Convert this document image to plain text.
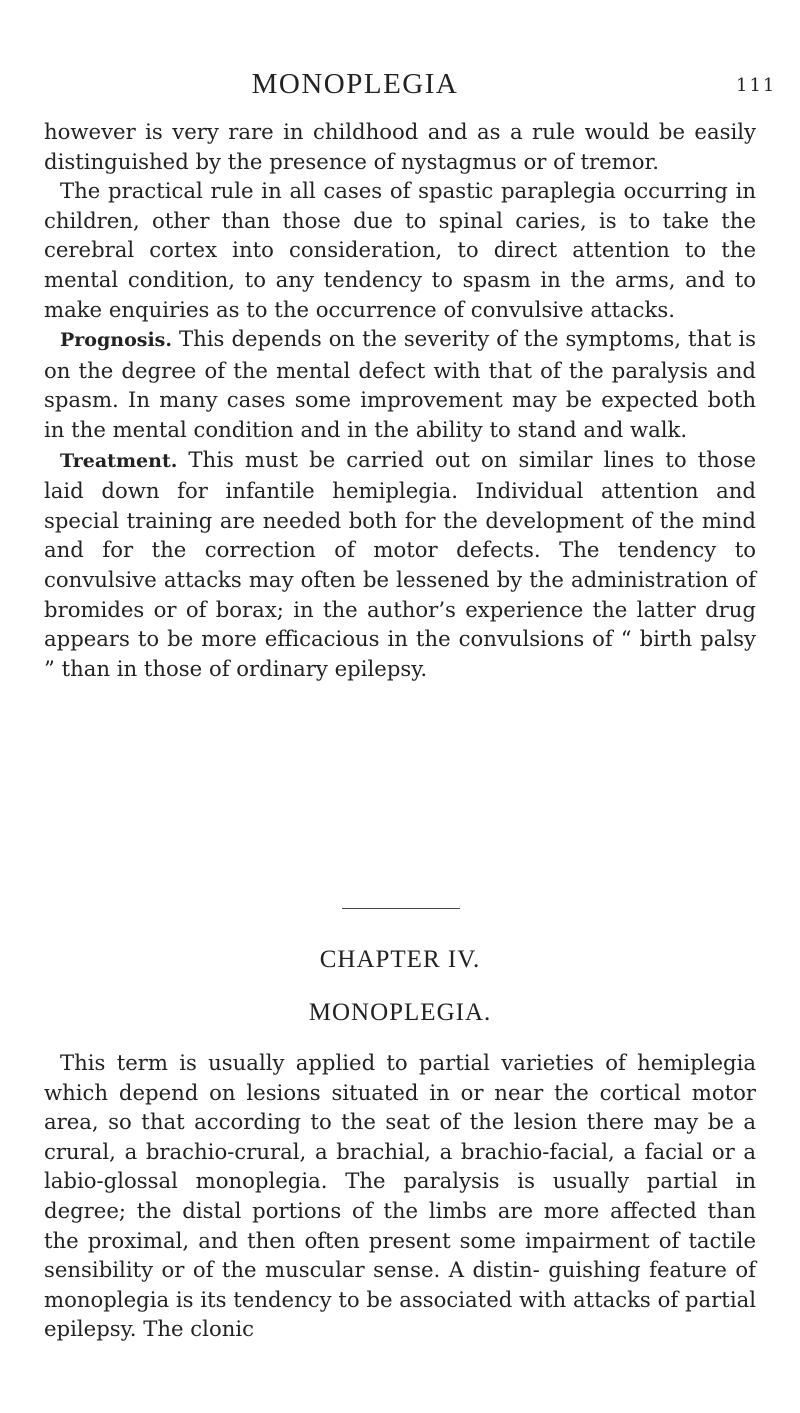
MONOPLEGIA	111

however is very rare in childhood and as a rule would be easily distinguished by the presence of nystagmus or of tremor.

The practical rule in all cases of spastic paraplegia occurring in children, other than those due to spinal caries, is to take the cerebral cortex into consideration, to direct attention to the mental condition, to any tendency to spasm in the arms, and to make enquiries as to the occurrence of convulsive attacks.

Prognosis. This depends on the severity of the symptoms, that is on the degree of the mental defect with that of the paralysis and spasm. In many cases some improvement may be expected both in the mental condition and in the ability to stand and walk.

Treatment. This must be carried out on similar lines to those laid down for infantile hemiplegia. Individual attention and special training are needed both for the development of the mind and for the correction of motor defects. The tendency to convulsive attacks may often be lessened by the administration of bromides or of borax; in the author’s experience the latter drug appears to be more efficacious in the convulsions of “ birth palsy ” than in those of ordinary epilepsy.

CHAPTER IV.
MONOPLEGIA.

This term is usually applied to partial varieties of hemiplegia which depend on lesions situated in or near the cortical motor area, so that according to the seat of the lesion there may be a crural, a brachio-crural, a brachial, a brachio-facial, a facial or a labio-glossal monoplegia. The paralysis is usually partial in degree; the distal portions of the limbs are more affected than the proximal, and then often present some impairment of tactile sensibility or of the muscular sense. A distin- guishing feature of monoplegia is its tendency to be associated with attacks of partial epilepsy. The clonic
